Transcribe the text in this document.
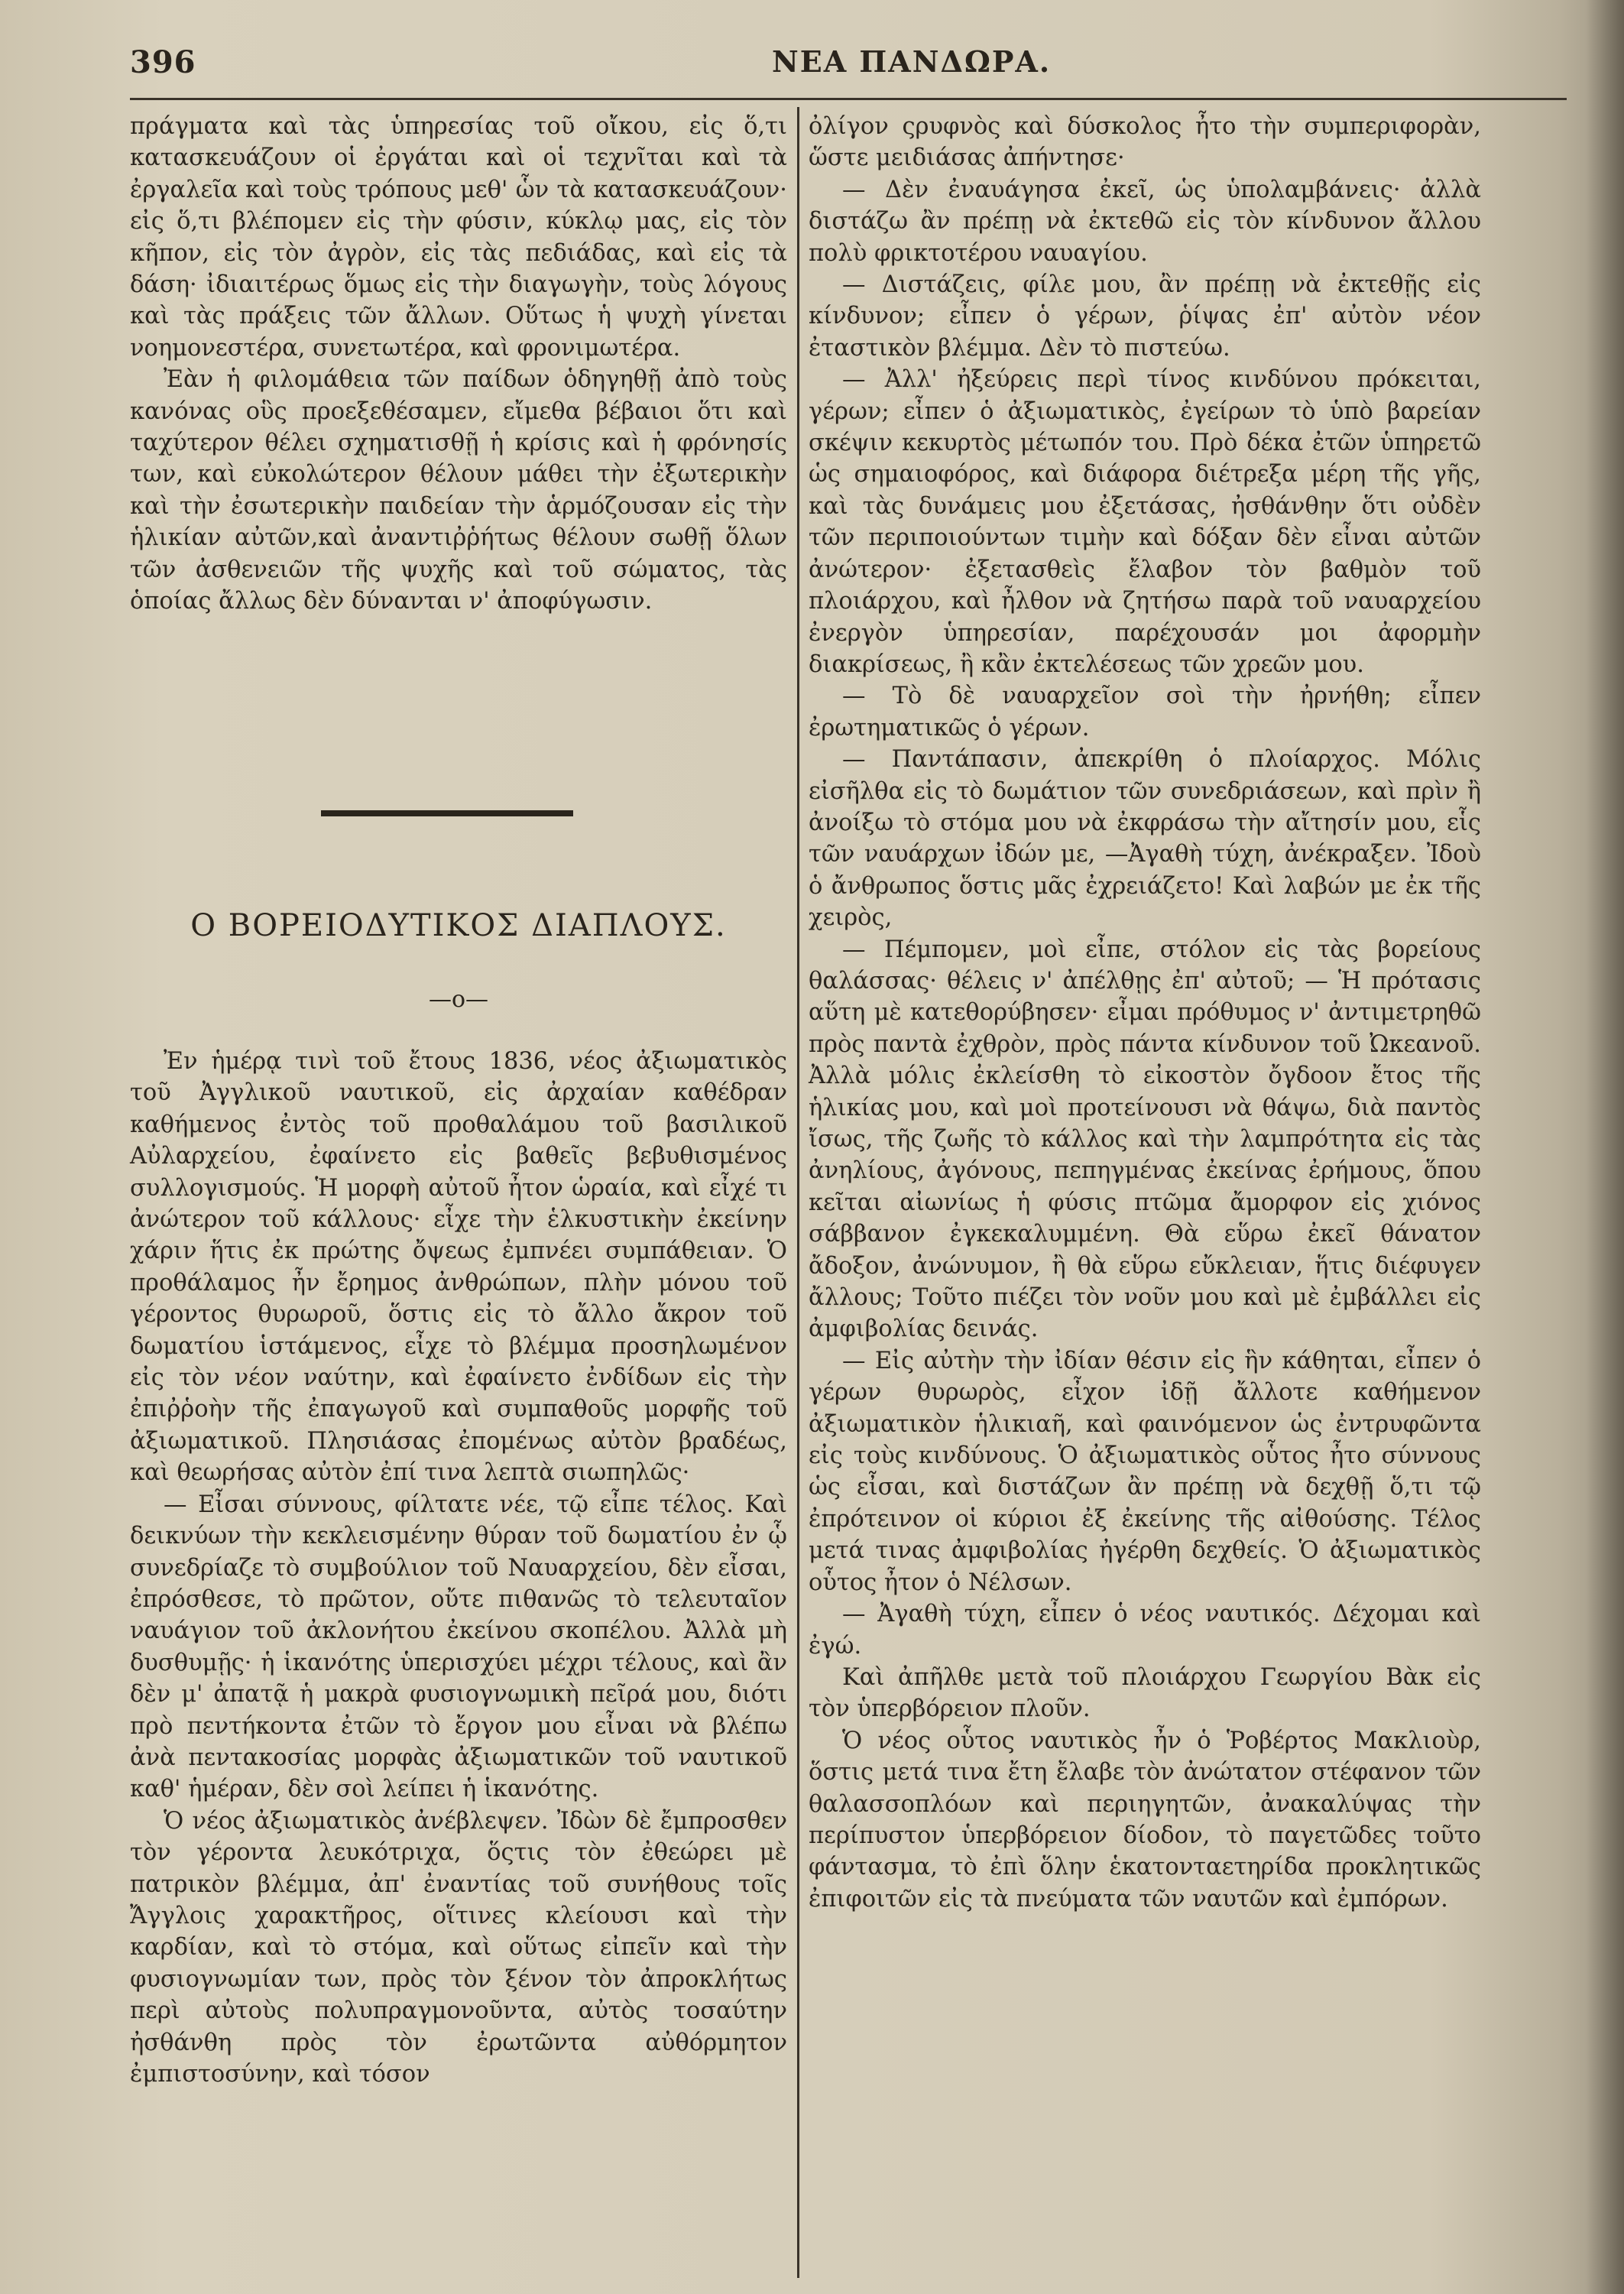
396	ΝΕΑ ΠΑΝΔΩΡΑ.

πράγματα καὶ τὰς ὑπηρεσίας τοῦ οἴκου, εἰς ὅ,τι κατασκευάζουν οἱ ἐργάται καὶ οἱ τεχνῖται καὶ τὰ ἐργαλεῖα καὶ τοὺς τρόπους μεθ' ὧν τὰ κατασκευάζουν· εἰς ὅ,τι βλέπομεν εἰς τὴν φύσιν, κύκλῳ μας, εἰς τὸν κῆπον, εἰς τὸν ἀγρὸν, εἰς τὰς πεδιάδας, καὶ εἰς τὰ δάση· ἰδιαιτέρως ὅμως εἰς τὴν διαγωγὴν, τοὺς λόγους καὶ τὰς πράξεις τῶν ἄλλων. Οὕτως ἡ ψυχὴ γίνεται νοημονεστέρα, συνετωτέρα, καὶ φρονιμωτέρα.

Ἐὰν ἡ φιλομάθεια τῶν παίδων ὁδηγηθῇ ἀπὸ τοὺς κανόνας οὓς προεξεθέσαμεν, εἴμεθα βέβαιοι ὅτι καὶ ταχύτερον θέλει σχηματισθῇ ἡ κρίσις καὶ ἡ φρόνησίς των, καὶ εὐκολώτερον θέλουν μάθει τὴν ἐξωτερικὴν καὶ τὴν ἐσωτερικὴν παιδείαν τὴν ἁρμόζουσαν εἰς τὴν ἡλικίαν αὐτῶν,καὶ ἀναντιῤῥήτως θέλουν σωθῇ ὅλων τῶν ἀσθενειῶν τῆς ψυχῆς καὶ τοῦ σώματος, τὰς ὁποίας ἄλλως δὲν δύνανται ν' ἀποφύγωσιν.

Ο ΒΟΡΕΙΟΔΥΤΙΚΟΣ ΔΙΑΠΛΟΥΣ.
—o—

Ἐν ἡμέρᾳ τινὶ τοῦ ἔτους 1836, νέος ἀξιωματικὸς τοῦ Ἀγγλικοῦ ναυτικοῦ, εἰς ἀρχαίαν καθέδραν καθήμενος ἐντὸς τοῦ προθαλάμου τοῦ βασιλικοῦ Αὐλαρχείου, ἐφαίνετο εἰς βαθεῖς βεβυθισμένος συλλογισμούς. Ἡ μορφὴ αὐτοῦ ἦτον ὡραία, καὶ εἶχέ τι ἀνώτερον τοῦ κάλλους· εἶχε τὴν ἑλκυστικὴν ἐκείνην χάριν ἥτις ἐκ πρώτης ὄψεως ἐμπνέει συμπάθειαν. Ὁ προθάλαμος ἦν ἔρημος ἀνθρώπων, πλὴν μόνου τοῦ γέροντος θυρωροῦ, ὅστις εἰς τὸ ἄλλο ἄκρον τοῦ δωματίου ἱστάμενος, εἶχε τὸ βλέμμα προσηλωμένον εἰς τὸν νέον ναύτην, καὶ ἐφαίνετο ἐνδίδων εἰς τὴν ἐπιῤῥοὴν τῆς ἐπαγωγοῦ καὶ συμπαθοῦς μορφῆς τοῦ ἀξιωματικοῦ. Πλησιάσας ἐπομένως αὐτὸν βραδέως, καὶ θεωρήσας αὐτὸν ἐπί τινα λεπτὰ σιωπηλῶς·

— Εἶσαι σύννους, φίλτατε νέε, τῷ εἶπε τέλος. Καὶ δεικνύων τὴν κεκλεισμένην θύραν τοῦ δωματίου ἐν ᾧ συνεδρίαζε τὸ συμβούλιον τοῦ Ναυαρχείου, δὲν εἶσαι, ἐπρόσθεσε, τὸ πρῶτον, οὔτε πιθανῶς τὸ τελευταῖον ναυάγιον τοῦ ἀκλονήτου ἐκείνου σκοπέλου. Ἀλλὰ μὴ δυσθυμῇς· ἡ ἱκανότης ὑπερισχύει μέχρι τέλους, καὶ ἂν δὲν μ' ἀπατᾷ ἡ μακρὰ φυσιογνωμικὴ πεῖρά μου, διότι πρὸ πεντήκοντα ἐτῶν τὸ ἔργον μου εἶναι νὰ βλέπω ἀνὰ πεντακοσίας μορφὰς ἀξιωματικῶν τοῦ ναυτικοῦ καθ' ἡμέραν, δὲν σοὶ λείπει ἡ ἱκανότης.

Ὁ νέος ἀξιωματικὸς ἀνέβλεψεν. Ἰδὼν δὲ ἔμπροσθεν τὸν γέροντα λευκότριχα, ὅςτις τὸν ἐθεώρει μὲ πατρικὸν βλέμμα, ἀπ' ἐναντίας τοῦ συνήθους τοῖς Ἄγγλοις χαρακτῆρος, οἵτινες κλείουσι καὶ τὴν καρδίαν, καὶ τὸ στόμα, καὶ οὕτως εἰπεῖν καὶ τὴν φυσιογνωμίαν των, πρὸς τὸν ξένον τὸν ἀπροκλήτως περὶ αὐτοὺς πολυπραγμονοῦντα, αὐτὸς τοσαύτην ἠσθάνθη πρὸς τὸν ἐρωτῶντα αὐθόρμητον ἐμπιστοσύνην, καὶ τόσον

ὀλίγον ςρυφνὸς καὶ δύσκολος ἦτο τὴν συμπεριφορὰν, ὥστε μειδιάσας ἀπήντησε·

— Δὲν ἐναυάγησα ἐκεῖ, ὡς ὑπολαμβάνεις· ἀλλὰ διστάζω ἂν πρέπῃ νὰ ἐκτεθῶ εἰς τὸν κίνδυνον ἄλλου πολὺ φρικτοτέρου ναυαγίου.

— Διστάζεις, φίλε μου, ἂν πρέπῃ νὰ ἐκτεθῇς εἰς κίνδυνον; εἶπεν ὁ γέρων, ῥίψας ἐπ' αὐτὸν νέον ἐταστικὸν βλέμμα. Δὲν τὸ πιστεύω.

— Ἀλλ' ἠξεύρεις περὶ τίνος κινδύνου πρόκειται, γέρων; εἶπεν ὁ ἀξιωματικὸς, ἐγείρων τὸ ὑπὸ βαρείαν σκέψιν κεκυρτὸς μέτωπόν του. Πρὸ δέκα ἐτῶν ὑπηρετῶ ὡς σημαιοφόρος, καὶ διάφορα διέτρεξα μέρη τῆς γῆς, καὶ τὰς δυνάμεις μου ἐξετάσας, ἠσθάνθην ὅτι οὐδὲν τῶν περιποιούντων τιμὴν καὶ δόξαν δὲν εἶναι αὐτῶν ἀνώτερον· ἐξετασθεὶς ἔλαβον τὸν βαθμὸν τοῦ πλοιάρχου, καὶ ἦλθον νὰ ζητήσω παρὰ τοῦ ναυαρχείου ἐνεργὸν ὑπηρεσίαν, παρέχουσάν μοι ἀφορμὴν διακρίσεως, ἢ κἂν ἐκτελέσεως τῶν χρεῶν μου.

— Τὸ δὲ ναυαρχεῖον σοὶ τὴν ἠρνήθη; εἶπεν ἐρωτηματικῶς ὁ γέρων.

— Παντάπασιν, ἀπεκρίθη ὁ πλοίαρχος. Μόλις εἰσῆλθα εἰς τὸ δωμάτιον τῶν συνεδριάσεων, καὶ πρὶν ἢ ἀνοίξω τὸ στόμα μου νὰ ἐκφράσω τὴν αἴτησίν μου, εἷς τῶν ναυάρχων ἰδών με, —Ἀγαθὴ τύχη, ἀνέκραξεν. Ἰδοὺ ὁ ἄνθρωπος ὅστις μᾶς ἐχρειάζετο! Καὶ λαβών με ἐκ τῆς χειρὸς,

— Πέμπομεν, μοὶ εἶπε, στόλον εἰς τὰς βορείους θαλάσσας· θέλεις ν' ἀπέλθῃς ἐπ' αὐτοῦ; — Ἡ πρότασις αὕτη μὲ κατεθορύβησεν· εἶμαι πρόθυμος ν' ἀντιμετρηθῶ πρὸς παντὰ ἐχθρὸν, πρὸς πάντα κίνδυνον τοῦ Ὠκεανοῦ. Ἀλλὰ μόλις ἐκλείσθη τὸ εἰκοστὸν ὄγδοον ἔτος τῆς ἡλικίας μου, καὶ μοὶ προτείνουσι νὰ θάψω, διὰ παντὸς ἴσως, τῆς ζωῆς τὸ κάλλος καὶ τὴν λαμπρότητα εἰς τὰς ἀνηλίους, ἀγόνους, πεπηγμένας ἐκείνας ἐρήμους, ὅπου κεῖται αἰωνίως ἡ φύσις πτῶμα ἄμορφον εἰς χιόνος σάββανον ἐγκεκαλυμμένη. Θὰ εὕρω ἐκεῖ θάνατον ἄδοξον, ἀνώνυμον, ἢ θὰ εὕρω εὔκλειαν, ἥτις διέφυγεν ἄλλους; Τοῦτο πιέζει τὸν νοῦν μου καὶ μὲ ἐμβάλλει εἰς ἀμφιβολίας δεινάς.

— Εἰς αὐτὴν τὴν ἰδίαν θέσιν εἰς ἣν κάθηται, εἶπεν ὁ γέρων θυρωρὸς, εἶχον ἰδῇ ἄλλοτε καθήμενον ἀξιωματικὸν ἡλικιαῆ, καὶ φαινόμενον ὡς ἐντρυφῶντα εἰς τοὺς κινδύνους. Ὁ ἀξιωματικὸς οὗτος ἦτο σύννους ὡς εἶσαι, καὶ διστάζων ἂν πρέπῃ νὰ δεχθῇ ὅ,τι τῷ ἐπρότεινον οἱ κύριοι ἐξ ἐκείνης τῆς αἰθούσης. Τέλος μετά τινας ἀμφιβολίας ἠγέρθη δεχθείς. Ὁ ἀξιωματικὸς οὗτος ἦτον ὁ Νέλσων.

— Ἀγαθὴ τύχη, εἶπεν ὁ νέος ναυτικός. Δέχομαι καὶ ἐγώ.

Καὶ ἀπῆλθε μετὰ τοῦ πλοιάρχου Γεωργίου Βὰκ εἰς τὸν ὑπερβόρειον πλοῦν.

Ὁ νέος οὗτος ναυτικὸς ἦν ὁ Ῥοβέρτος Μακλιοὺρ, ὅστις μετά τινα ἔτη ἔλαβε τὸν ἀνώτατον στέφανον τῶν θαλασσοπλόων καὶ περιηγητῶν, ἀνακαλύψας τὴν περίπυστον ὑπερβόρειον δίοδον, τὸ παγετῶδες τοῦτο φάντασμα, τὸ ἐπὶ ὅλην ἑκατονταετηρίδα προκλητικῶς ἐπιφοιτῶν εἰς τὰ πνεύματα τῶν ναυτῶν καὶ ἐμπόρων.
